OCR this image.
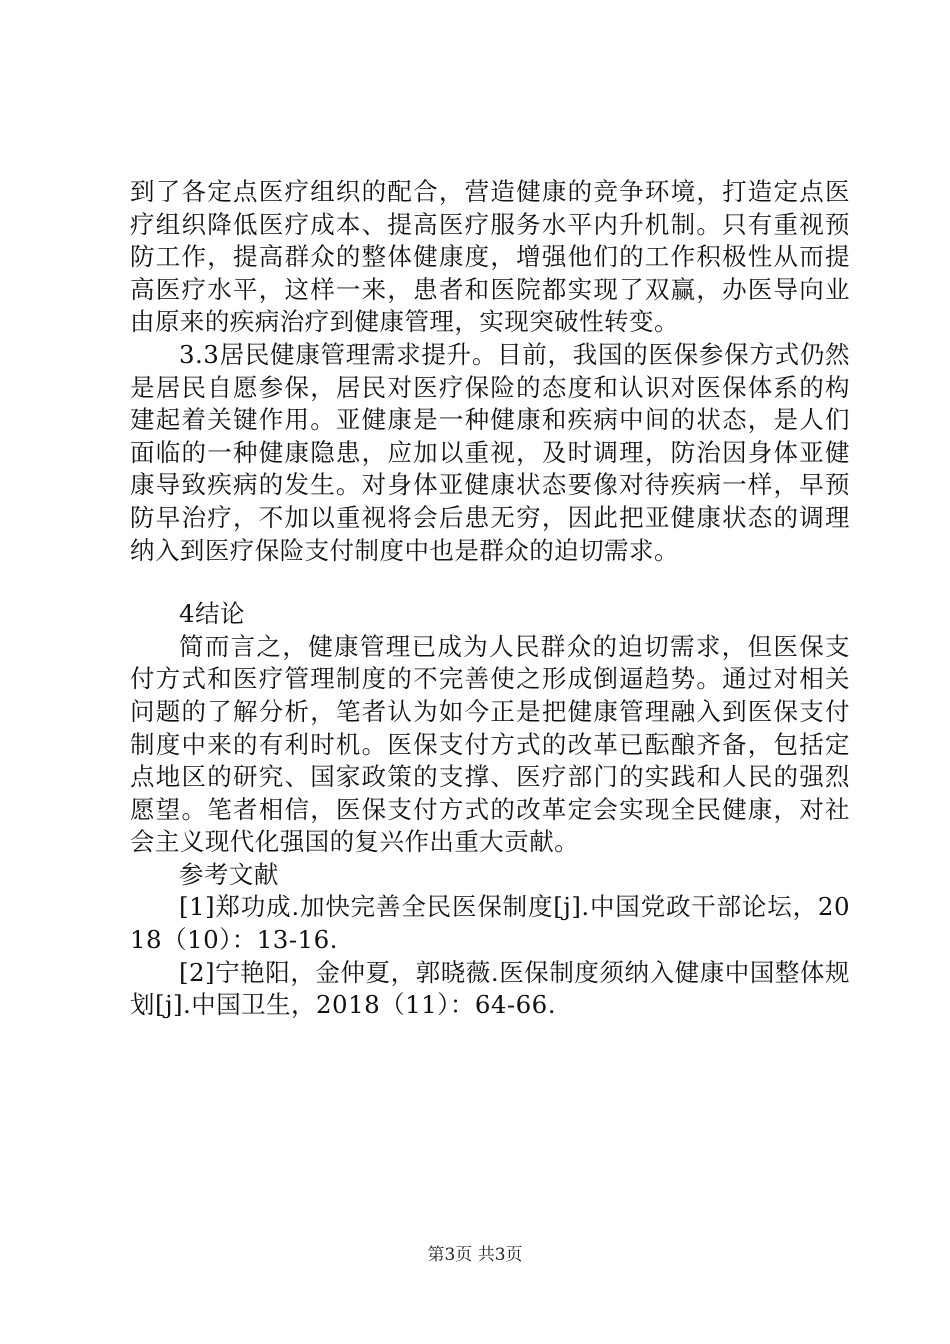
到了各定点医疗组织的配合，营造健康的竞争环境，打造定点医疗组织降低医疗成本、提高医疗服务水平内升机制。只有重视预防工作，提高群众的整体健康度，增强他们的工作积极性从而提高医疗水平，这样一来，患者和医院都实现了双赢，办医导向业由原来的疾病治疗到健康管理，实现突破性转变。

3.3居民健康管理需求提升。目前，我国的医保参保方式仍然是居民自愿参保，居民对医疗保险的态度和认识对医保体系的构建起着关键作用。亚健康是一种健康和疾病中间的状态，是人们面临的一种健康隐患，应加以重视，及时调理，防治因身体亚健康导致疾病的发生。对身体亚健康状态要像对待疾病一样，早预防早治疗，不加以重视将会后患无穷，因此把亚健康状态的调理纳入到医疗保险支付制度中也是群众的迫切需求。

4结论

简而言之，健康管理已成为人民群众的迫切需求，但医保支付方式和医疗管理制度的不完善使之形成倒逼趋势。通过对相关问题的了解分析，笔者认为如今正是把健康管理融入到医保支付制度中来的有利时机。医保支付方式的改革已酝酿齐备，包括定点地区的研究、国家政策的支撑、医疗部门的实践和人民的强烈愿望。笔者相信，医保支付方式的改革定会实现全民健康，对社会主义现代化强国的复兴作出重大贡献。

参考文献

[1]郑功成.加快完善全民医保制度[j].中国党政干部论坛，2018（10）：13-16.

[2]宁艳阳，金仲夏，郭晓薇.医保制度须纳入健康中国整体规划[j].中国卫生，2018（11）：64-66.

第3页 共3页
